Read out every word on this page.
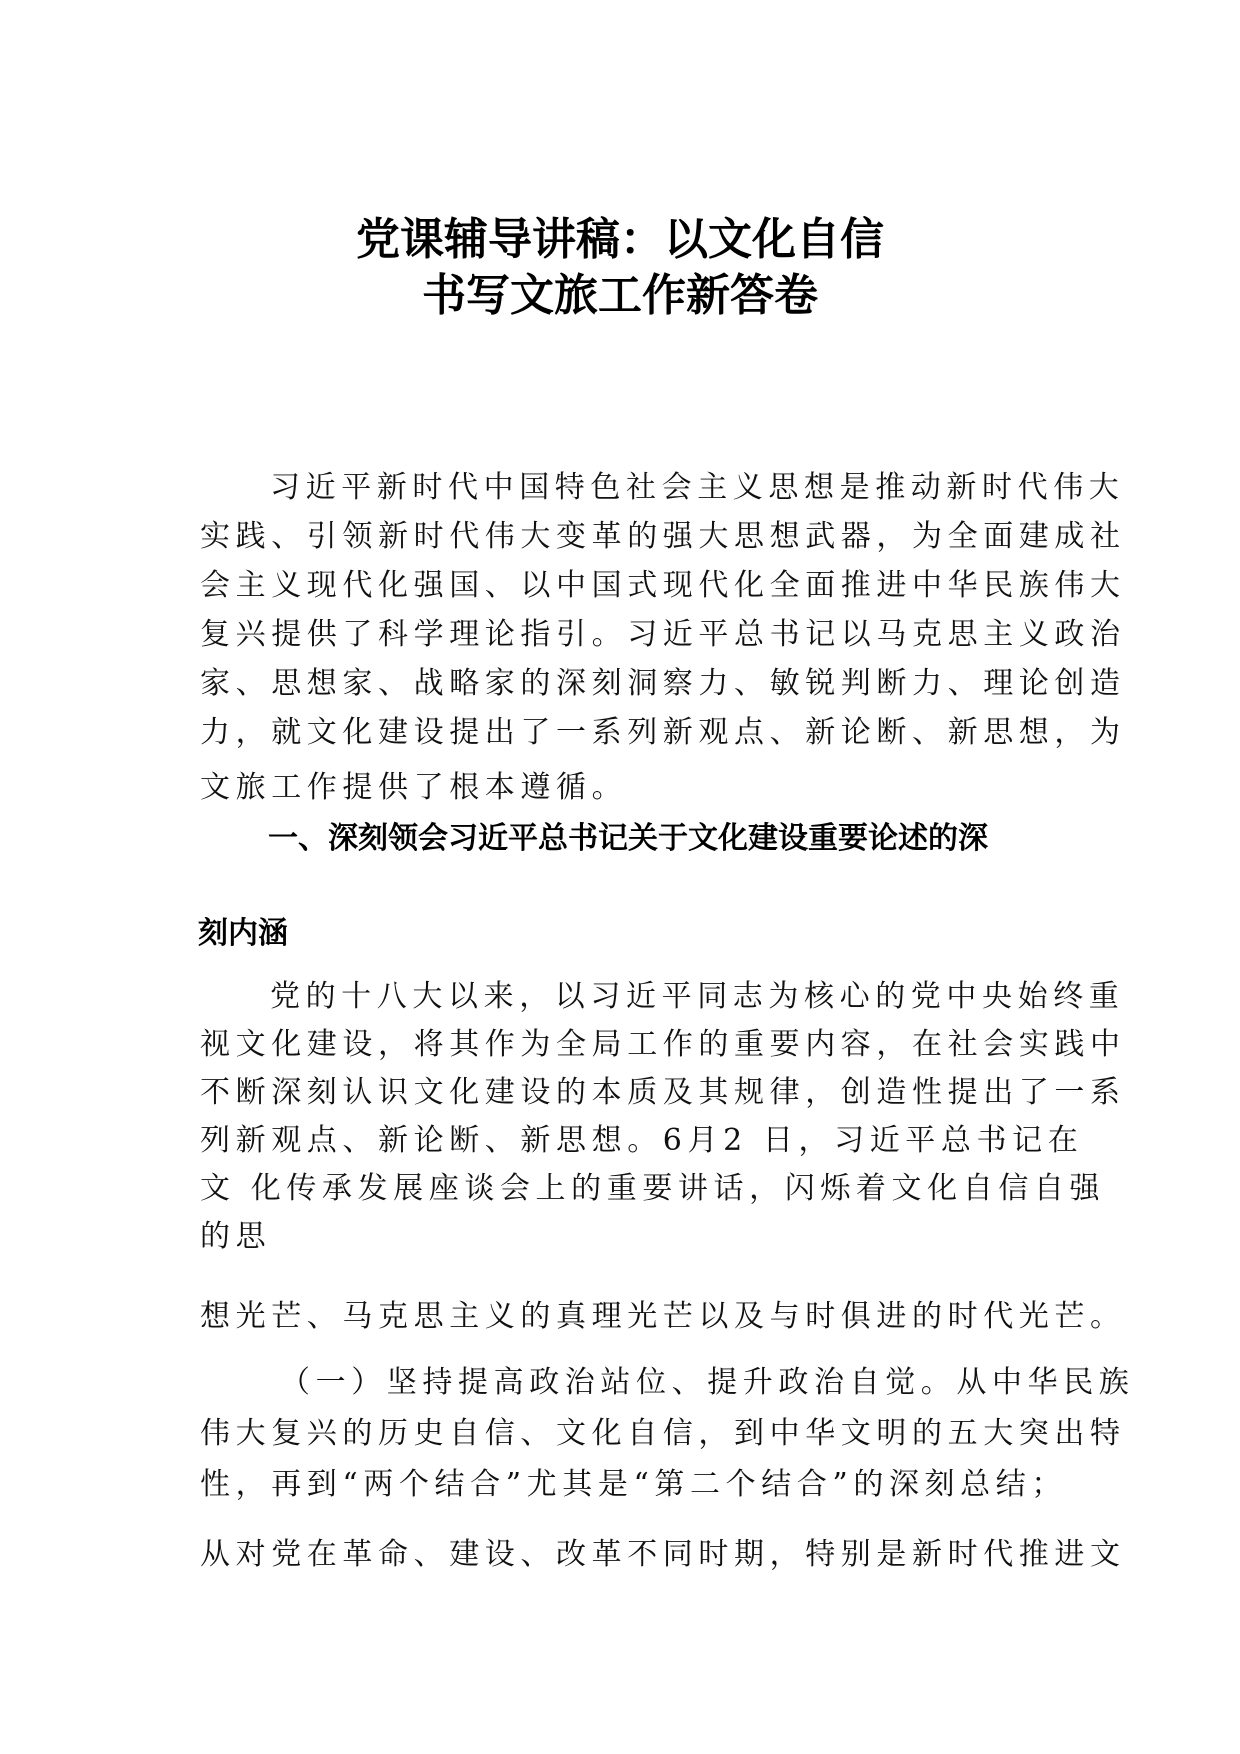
党课辅导讲稿：以文化自信
书写文旅工作新答卷
习近平新时代中国特色社会主义思想是推动新时代伟大
实践、引领新时代伟大变革的强大思想武器，为全面建成社
会主义现代化强国、以中国式现代化全面推进中华民族伟大
复兴提供了科学理论指引。习近平总书记以马克思主义政治
家、思想家、战略家的深刻洞察力、敏锐判断力、理论创造
力，就文化建设提出了一系列新观点、新论断、新思想，为
文旅工作提供了根本遵循。
一、深刻领会习近平总书记关于文化建设重要论述的深
刻内涵
党的十八大以来，以习近平同志为核心的党中央始终重
视文化建设，将其作为全局工作的重要内容，在社会实践中
不断深刻认识文化建设的本质及其规律，创造性提出了一系
列新观点、新论断、新思想。6月2 日，习近平总书记在
文 化传承发展座谈会上的重要讲话，闪烁着文化自信自强
的思
想光芒、马克思主义的真理光芒以及与时俱进的时代光芒。
（一）坚持提高政治站位、提升政治自觉。从中华民族
伟大复兴的历史自信、文化自信，到中华文明的五大突出特
性，再到“两个结合”尤其是“第二个结合”的深刻总结；
从对党在革命、建设、改革不同时期，特别是新时代推进文
